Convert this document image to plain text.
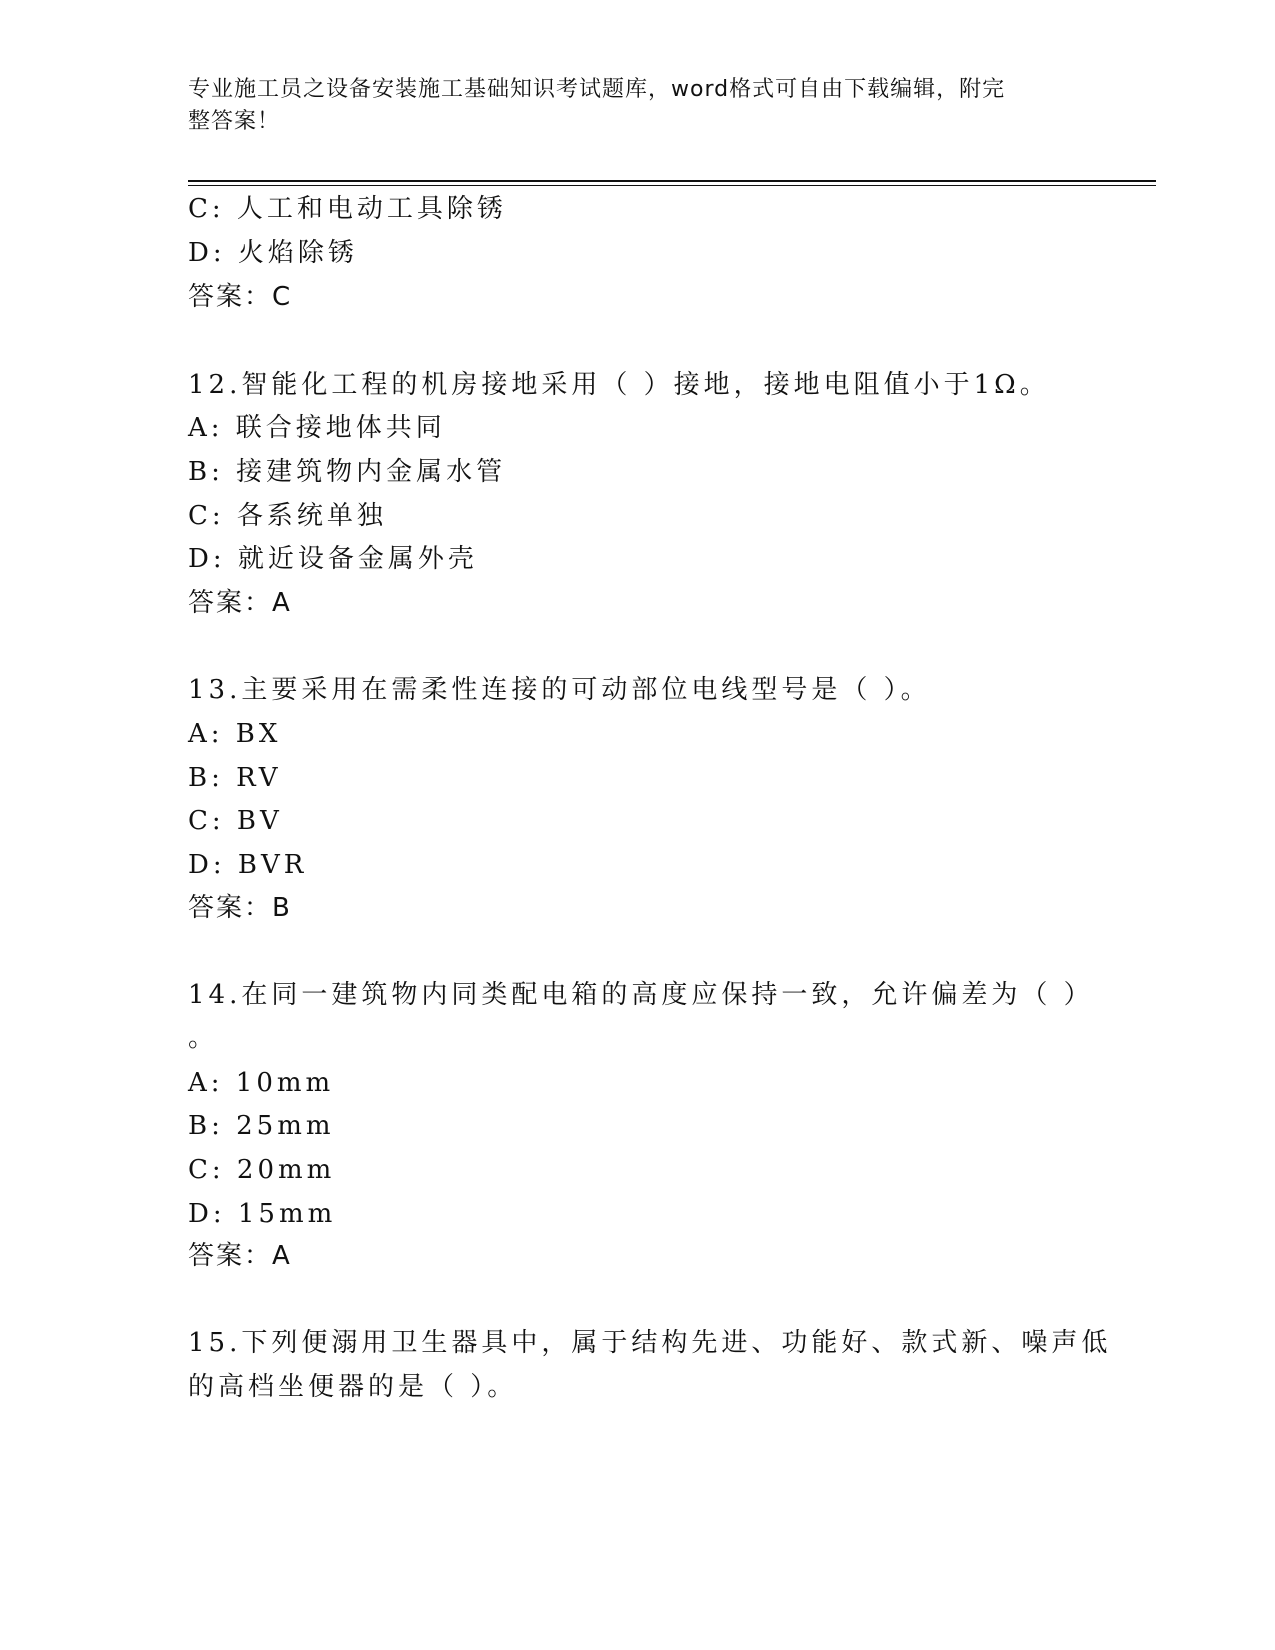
专业施工员之设备安装施工基础知识考试题库，word格式可自由下载编辑，附完
整答案！
C: 人工和电动工具除锈
D: 火焰除锈
答案：C
12.智能化工程的机房接地采用（ ）接地，接地电阻值小于1Ω。
A: 联合接地体共同
B: 接建筑物内金属水管
C: 各系统单独
D: 就近设备金属外壳
答案：A
13.主要采用在需柔性连接的可动部位电线型号是（ ）。
A: BX
B: RV
C: BV
D: BVR
答案：B
14.在同一建筑物内同类配电箱的高度应保持一致，允许偏差为（ ）
。
A: 10mm
B: 25mm
C: 20mm
D: 15mm
答案：A
15.下列便溺用卫生器具中，属于结构先进、功能好、款式新、噪声低
的高档坐便器的是（ ）。
